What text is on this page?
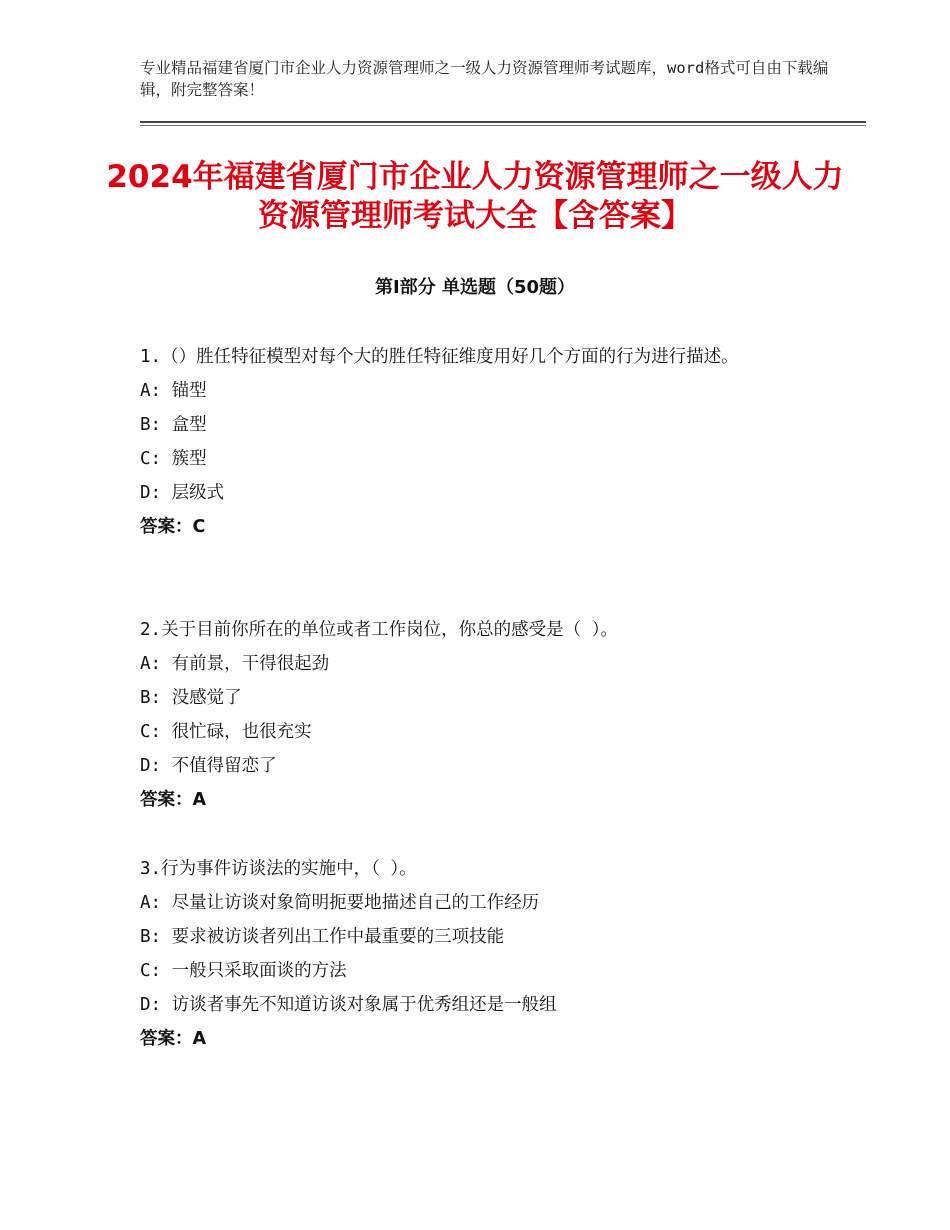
专业精品福建省厦门市企业人力资源管理师之一级人力资源管理师考试题库，word格式可自由下载编辑，附完整答案！
2024年福建省厦门市企业人力资源管理师之一级人力资源管理师考试大全【含答案】
第Ⅰ部分 单选题（50题）

1.（）胜任特征模型对每个大的胜任特征维度用好几个方面的行为进行描述。

A: 锚型

B: 盒型

C: 簇型

D: 层级式

答案：C

2.关于目前你所在的单位或者工作岗位，你总的感受是（ ）。

A: 有前景，干得很起劲

B: 没感觉了

C: 很忙碌，也很充实

D: 不值得留恋了

答案：A

3.行为事件访谈法的实施中，（ ）。

A: 尽量让访谈对象简明扼要地描述自己的工作经历

B: 要求被访谈者列出工作中最重要的三项技能

C: 一般只采取面谈的方法

D: 访谈者事先不知道访谈对象属于优秀组还是一般组

答案：A
